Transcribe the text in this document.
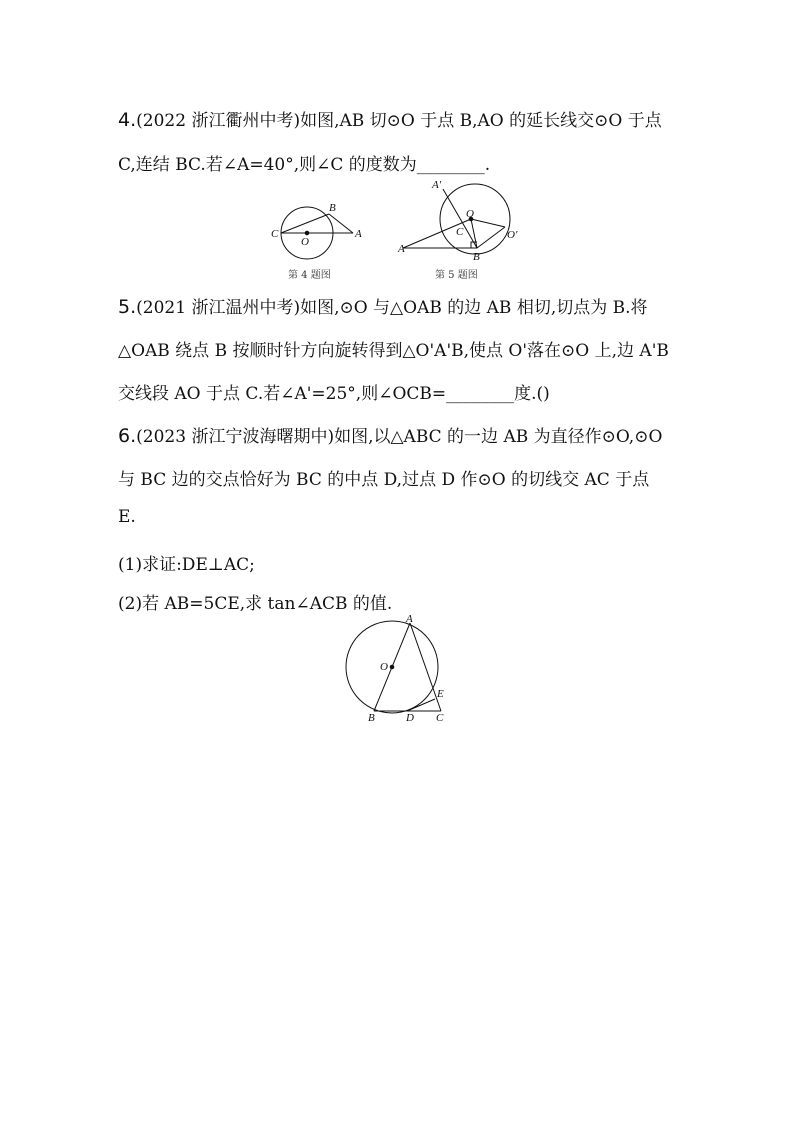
4.(2022 浙江衢州中考)如图,AB 切⊙O 于点 B,AO 的延长线交⊙O 于点
C,连结 BC.若∠A=40°,则∠C 的度数为________.
B
C
O
A
第 4 题图
A'
O
C	O'
A
B
第 5 题图
5.(2021 浙江温州中考)如图,⊙O 与△OAB 的边 AB 相切,切点为 B.将
△OAB 绕点 B 按顺时针方向旋转得到△O'A'B,使点 O'落在⊙O 上,边 A'B
交线段 AO 于点 C.若∠A'=25°,则∠OCB=________度.()
6.(2023 浙江宁波海曙期中)如图,以△ABC 的一边 AB 为直径作⊙O,⊙O
与 BC 边的交点恰好为 BC 的中点 D,过点 D 作⊙O 的切线交 AC 于点
E.
(1)求证:DE⊥AC;
(2)若 AB=5CE,求 tan∠ACB 的值.
A
O
E
B	D C
